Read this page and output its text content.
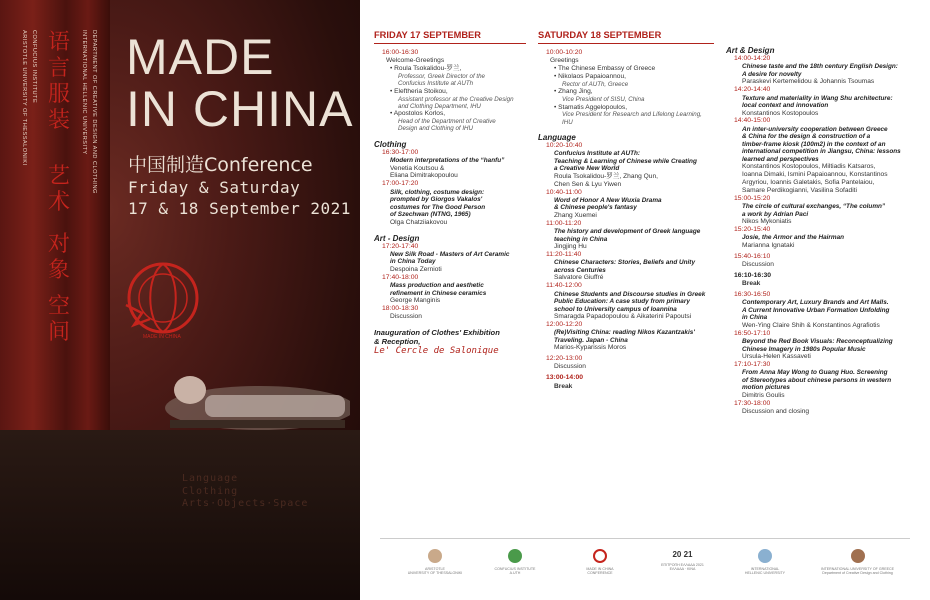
ARISTOTLE UNIVERSITY OF THESSALONIKI CONFUCIUS INSTITUTE	INTERNATIONAL HELLENIC UNIVERSITY DEPARTMENT OF CREATIVE DESIGN AND CLOTHING
语言 服装
艺术
对象
空间
MADE
IN CHINA
中国制造Conference
Friday & Saturday
17 & 18 September 2021
MADE IN CHINA
Language
Clothing
Arts·Objects·Space
FRIDAY 17 SEPTEMBER
16:00-16:30
Welcome-Greetings
• Roula Tsokalidou-罗兰,
Professor, Greek Director of the
Confucius Institute at AUTh
• Eleftheria Stoikou,
Assistant professor at the Creative Design
and Clothing Department, IHU
• Apostolos Korlos,
Head of the Department of Creative
Design and Clothing of IHU
Clothing
16:30-17:00
Modern interpretations of the “hanfu”
Venetia Koutsou &
Eliana Dimitrakopoulou
17:00-17:20
Silk, clothing, costume design:
prompted by Giorgos Vakalos'
costumes for The Good Person
of Szechwan (NTNG, 1965)
Olga Chatziiakovou
Art - Design
17:20-17:40
New Silk Road - Masters of Art Ceramic
in China Today
Despoina Zernioti
17:40-18:00
Mass production and aesthetic
refinement in Chinese ceramics
George Manginis
18:00-18:30
Discussion
Inauguration of Clothes' Exhibition
& Reception,
Le' Cercle de Salonique
SATURDAY 18 SEPTEMBER
10:00-10:20
Greetings
• The Chinese Embassy of Greece
• Nikolaos Papaioannou,
Rector of AUTh, Greece
• Zhang Jing,
Vice President of SISU, China
• Stamatis Aggelopoulos,
Vice President for Research and Lifelong Learning,
IHU
Language
10:20-10:40
Confucius Institute at AUTh:
Teaching & Learning of Chinese while Creating
a Creative New World
Roula Tsokalidou-罗兰, Zhang Qun,
Chen Sen & Lyu Yiwen
10:40-11:00
Word of Honor A New Wuxia Drama
& Chinese people's fantasy
Zhang Xuemei
11:00-11:20
The history and development of Greek language
teaching in China
Jingjing Hu
11:20-11:40
Chinese Characters: Stories, Beliefs and Unity
across Centuries
Salvatore Giuffré
11:40-12:00
Chinese Students and Discourse studies in Greek
Public Education: A case study from primary
school to University campus of Ioannina
Smaragda Papadopoulou & Aikaterini Papoutsi
12:00-12:20
(Re)Visiting China: reading Nikos Kazantzakis'
Traveling. Japan - China
Marios-Kyparissis Moros
12:20-13:00
Discussion
13:00-14:00
Break
Art & Design
14:00-14:20
Chinese taste and the 18th century English Design:
A desire for novelty
Paraskevi Kertemelidou & Johannis Tsoumas
14:20-14:40
Texture and materiality in Wang Shu architecture:
local context and innovation
Konstantinos Kostopoulos
14:40-15:00
An inter-university cooperation between Greece
& China for the design & construction of a
timber-frame kiosk (100m2) in the context of an
international competition in Jiangsu, China: lessons
learned and perspectives
Konstantinos Kostopoulos, Miltiadis Katsaros,
Ioanna Dimaki, Ismini Papaioannou, Konstantinos
Argyriou, Ioannis Galetakis, Sofia Pantelaiou,
Samare Perdikogianni, Vasilina Sofaditi
15:00-15:20
The circle of cultural exchanges, “The column”
a work by Adrian Paci
Nikos Mykoniatis
15:20-15:40
Josie, the Armor and the Hairman
Marianna Ignataki
15:40-16:10
Discussion
16:10-16:30
Break
16:30-16:50
Contemporary Art, Luxury Brands and Art Malls.
A Current Innovative Urban Formation Unfolding
in China
Wen-Ying Claire Shih & Konstantinos Agrafiotis
16:50-17:10
Beyond the Red Book Visuals: Reconceptualizing
Chinese Imagery in 1980s Popular Music
Ursula-Helen Kassaveti
17:10-17:30
From Anna May Wong to Guang Huo. Screening
of Stereotypes about chinese persons in western
motion pictures
Dimitris Goulis
17:30-18:00
Discussion and closing
ARISTOTLE
UNIVERSITY OF THESSALONIKI
CONFUCIUS INSTITUTE
A.UTH
MADE IN CHINA
CONFERENCE
20 21
ΕΠΙΤΡΟΠΗ ΕΛΛΑΔΑ 2021
ΕΛΛΑΔΑ · ΚΙΝΑ	INTERNATIONAL
HELLENIC UNIVERSITY
INTERNATIONAL UNIVERSITY OF GREECE
Department of Creative Design and Clothing
